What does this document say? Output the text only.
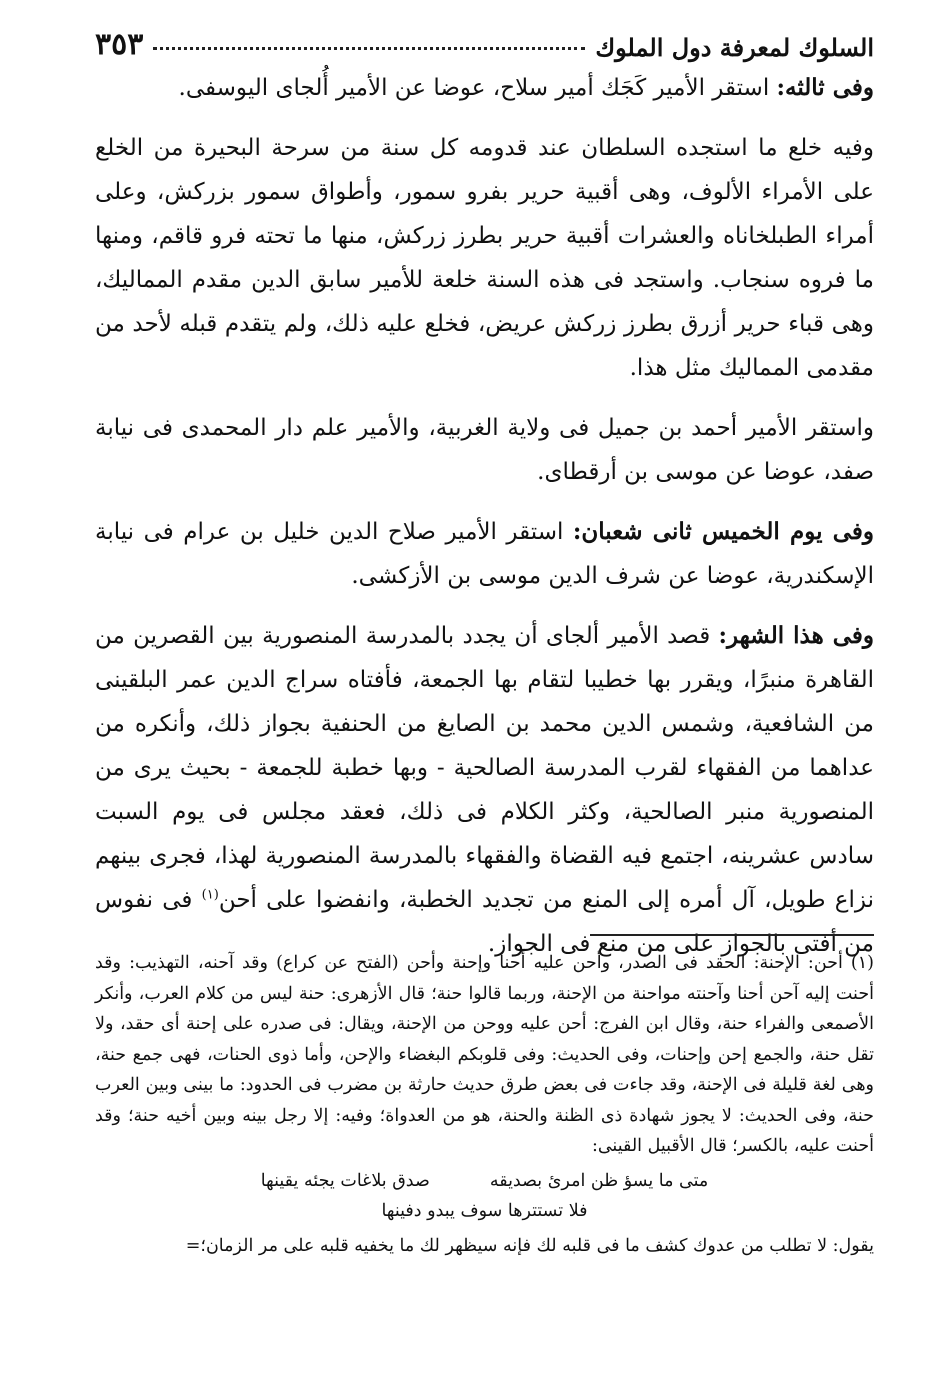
السلوك لمعرفة دول الملوك
٣٥٣

وفى ثالثه: استقر الأمير كَجَك أمير سلاح، عوضا عن الأمير أُلجاى اليوسفى.

وفيه خلع ما استجده السلطان عند قدومه كل سنة من سرحة البحيرة من الخلع على الأمراء الألوف، وهى أقبية حرير بفرو سمور، وأطواق سمور بزركش، وعلى أمراء الطبلخاناه والعشرات أقبية حرير بطرز زركش، منها ما تحته فرو قاقم، ومنها ما فروه سنجاب. واستجد فى هذه السنة خلعة للأمير سابق الدين مقدم المماليك، وهى قباء حرير أزرق بطرز زركش عريض، فخلع عليه ذلك، ولم يتقدم قبله لأحد من مقدمى المماليك مثل هذا.

واستقر الأمير أحمد بن جميل فى ولاية الغربية، والأمير علم دار المحمدى فى نيابة صفد، عوضا عن موسى بن أرقطاى.

وفى يوم الخميس ثانى شعبان: استقر الأمير صلاح الدين خليل بن عرام فى نيابة الإسكندرية، عوضا عن شرف الدين موسى بن الأزكشى.

وفى هذا الشهر: قصد الأمير ألجاى أن يجدد بالمدرسة المنصورية بين القصرين من القاهرة منبرًا، ويقرر بها خطيبا لتقام بها الجمعة، فأفتاه سراج الدين عمر البلقينى من الشافعية، وشمس الدين محمد بن الصايغ من الحنفية بجواز ذلك، وأنكره من عداهما من الفقهاء لقرب المدرسة الصالحية - وبها خطبة للجمعة - بحيث يرى من المنصورية منبر الصالحية، وكثر الكلام فى ذلك، فعقد مجلس فى يوم السبت سادس عشرينه، اجتمع فيه القضاة والفقهاء بالمدرسة المنصورية لهذا، فجرى بينهم نزاع طويل، آل أمره إلى المنع من تجديد الخطبة، وانفضوا على أحن$^{(١)}$ فى نفوس من أفتى بالجواز على من منع فى الجواز.

(١) أحن: الإحنة: الحقد فى الصدر، وأحن عليه أحنا وإحنة وأحن (الفتح عن كراع) وقد آحنه، التهذيب: وقد أحنت إليه آحن أحنا وآحنته مواحنة من الإحنة، وربما قالوا حنة؛ قال الأزهرى: حنة ليس من كلام العرب، وأنكر الأصمعى والفراء حنة، وقال ابن الفرج: أحن عليه ووحن من الإحنة، ويقال: فى صدره على إحنة أى حقد، ولا تقل حنة، والجمع إحن وإحنات، وفى الحديث: وفى قلوبكم البغضاء والإحن، وأما ذوى الحنات، فهى جمع حنة، وهى لغة قليلة فى الإحنة، وقد جاءت فى بعض طرق حديث حارثة بن مضرب فى الحدود: ما بينى وبين العرب حنة، وفى الحديث: لا يجوز شهادة ذى الظنة والحنة، هو من العدواة؛ وفيه: إلا رجل بينه وبين أخيه حنة؛ وقد أحنت عليه، بالكسر؛ قال الأقبيل القينى:

متى ما يسؤ ظن امرئ بصديقه
صدق بلاغات يجئه يقينها
فلا تستترها سوف يبدو دفينها

يقول: لا تطلب من عدوك كشف ما فى قلبه لك فإنه سيظهر لك ما يخفيه قلبه على مر الزمان؛=
